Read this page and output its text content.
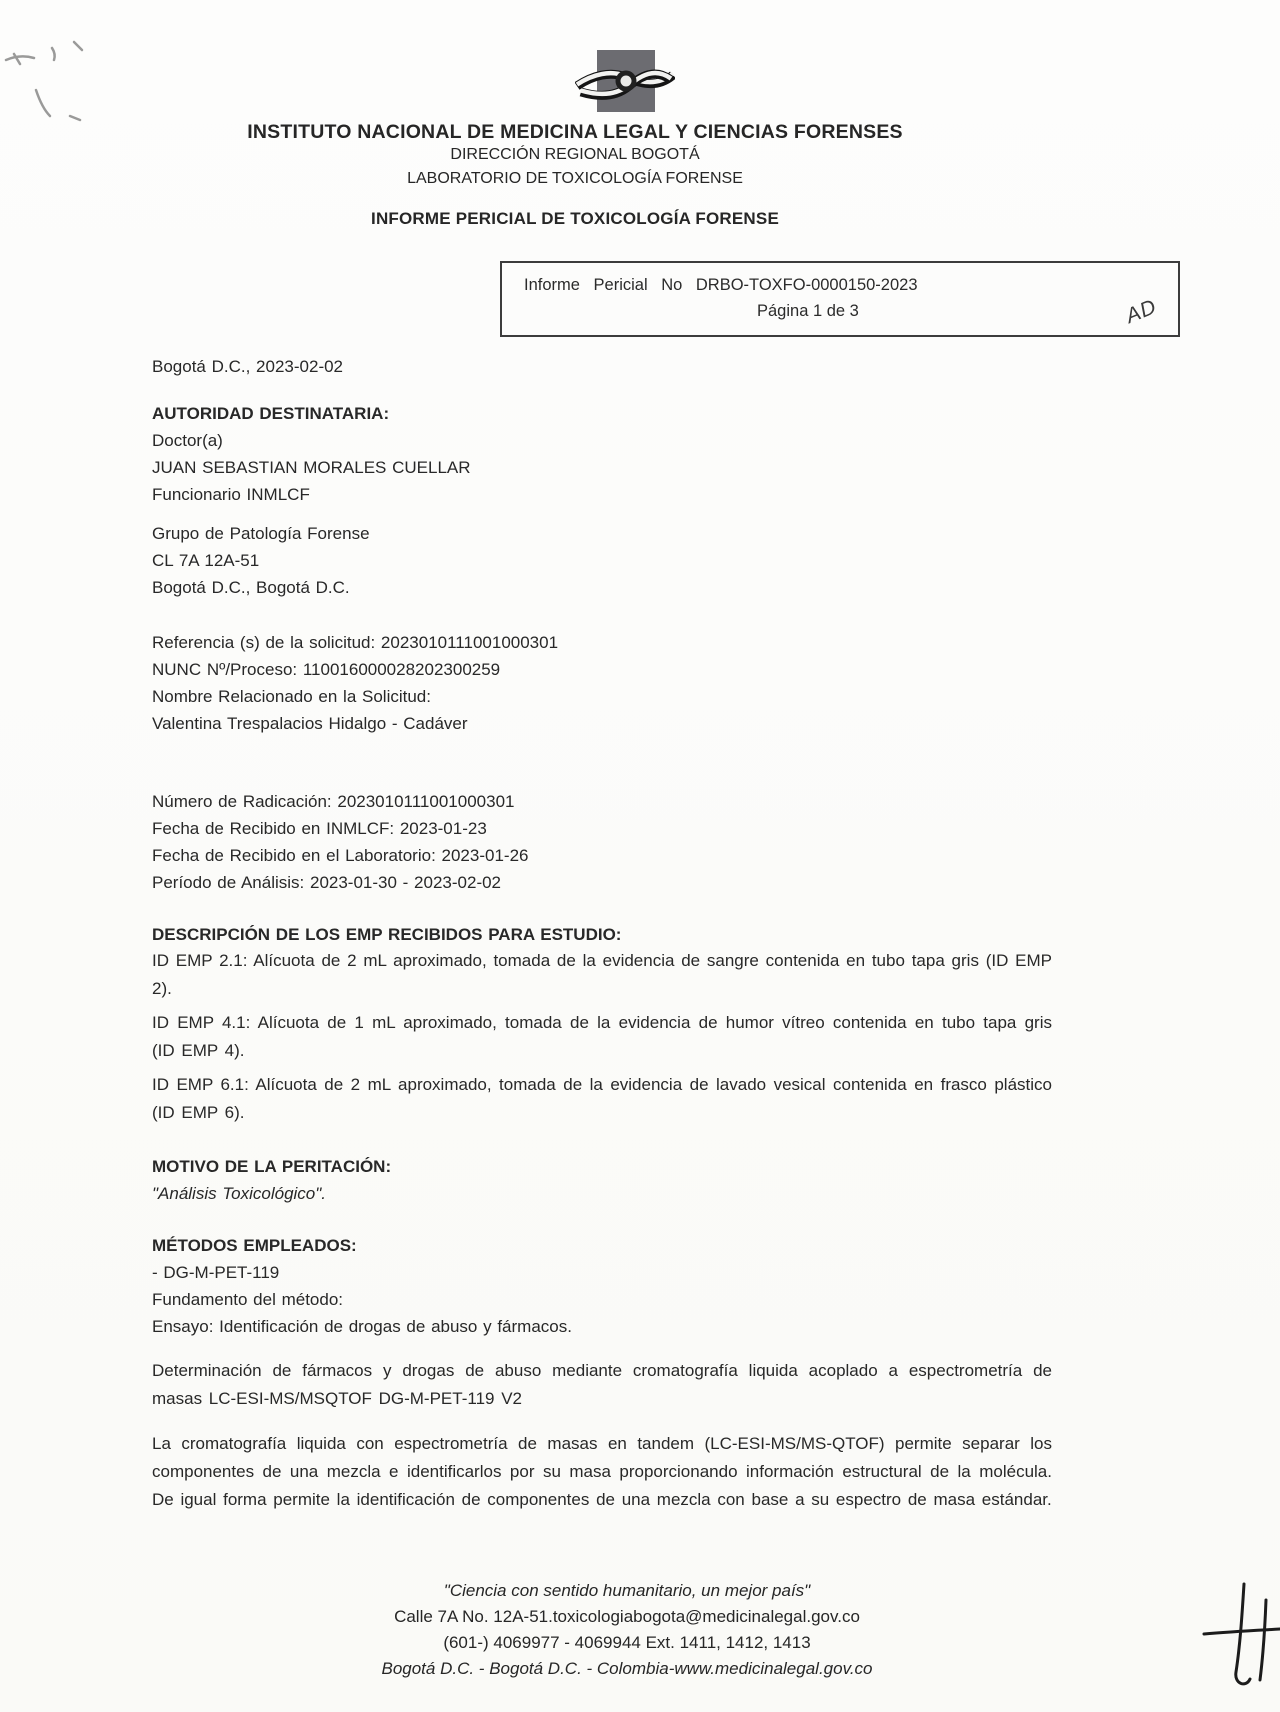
INSTITUTO NACIONAL DE MEDICINA LEGAL Y CIENCIAS FORENSES
DIRECCIÓN REGIONAL BOGOTÁ
LABORATORIO DE TOXICOLOGÍA FORENSE
INFORME PERICIAL DE TOXICOLOGÍA FORENSE
Informe Pericial No DRBO-TOXFO-0000150-2023
Página 1 de 3	AD
Bogotá D.C., 2023-02-02
AUTORIDAD DESTINATARIA:
Doctor(a)
JUAN SEBASTIAN MORALES CUELLAR
Funcionario INMLCF
Grupo de Patología Forense
CL 7A 12A-51
Bogotá D.C., Bogotá D.C.
Referencia (s) de la solicitud: 2023010111001000301
NUNC Nº/Proceso: 110016000028202300259
Nombre Relacionado en la Solicitud:
Valentina Trespalacios Hidalgo - Cadáver
Número de Radicación: 2023010111001000301
Fecha de Recibido en INMLCF: 2023-01-23
Fecha de Recibido en el Laboratorio: 2023-01-26
Período de Análisis: 2023-01-30 - 2023-02-02
DESCRIPCIÓN DE LOS EMP RECIBIDOS PARA ESTUDIO:
ID EMP 2.1: Alícuota de 2 mL aproximado, tomada de la evidencia de sangre contenida en tubo tapa gris (ID EMP 2).
ID EMP 4.1: Alícuota de 1 mL aproximado, tomada de la evidencia de humor vítreo contenida en tubo tapa gris (ID EMP 4).
ID EMP 6.1: Alícuota de 2 mL aproximado, tomada de la evidencia de lavado vesical contenida en frasco plástico (ID EMP 6).
MOTIVO DE LA PERITACIÓN:
"Análisis Toxicológico".
MÉTODOS EMPLEADOS:
- DG-M-PET-119
Fundamento del método:
Ensayo: Identificación de drogas de abuso y fármacos.
Determinación de fármacos y drogas de abuso mediante cromatografía liquida acoplado a espectrometría de masas LC-ESI-MS/MSQTOF DG-M-PET-119 V2
La cromatografía liquida con espectrometría de masas en tandem (LC-ESI-MS/MS-QTOF) permite separar los componentes de una mezcla e identificarlos por su masa proporcionando información estructural de la molécula. De igual forma permite la identificación de componentes de una mezcla con base a su espectro de masa estándar.
"Ciencia con sentido humanitario, un mejor país"
Calle 7A No. 12A-51.toxicologiabogota@medicinalegal.gov.co
(601-) 4069977 - 4069944 Ext. 1411, 1412, 1413
Bogotá D.C. - Bogotá D.C. - Colombia-www.medicinalegal.gov.co
